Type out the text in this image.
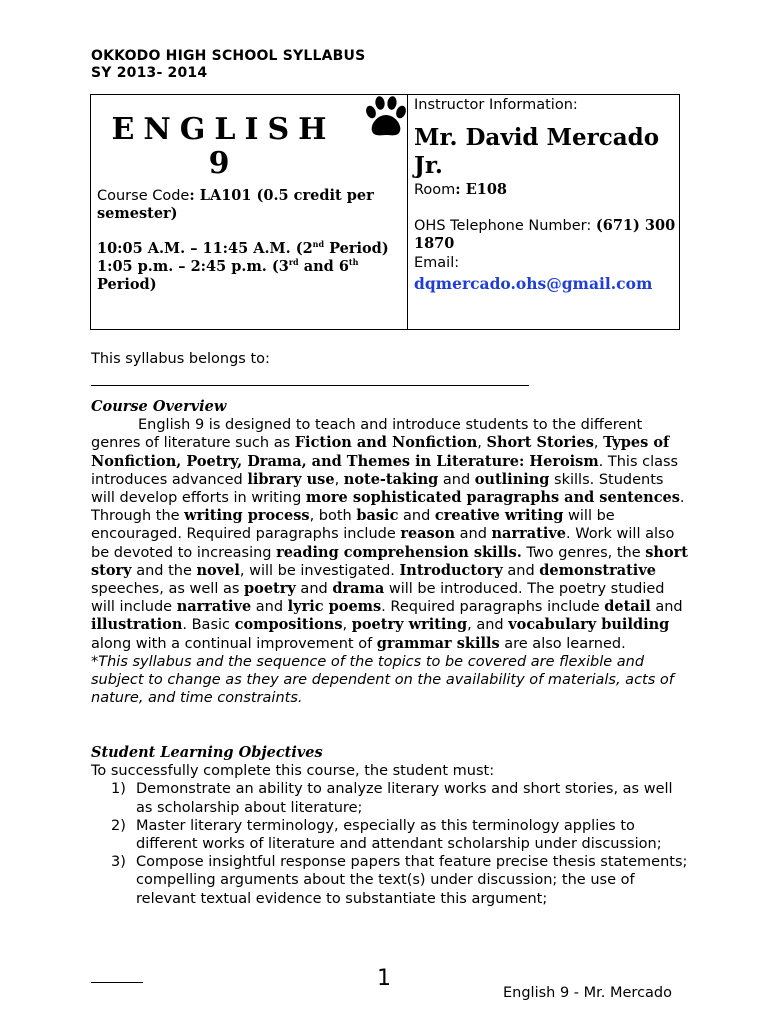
OKKODO HIGH SCHOOL SYLLABUS
SY 2013- 2014
ENGLISH
9
Course Code: LA101 (0.5 credit per semester)
10:05 A.M. – 11:45 A.M. (2nd Period)
1:05 p.m. – 2:45 p.m. (3rd and 6th Period)
Instructor Information:
Mr. David Mercado Jr.
Room: E108
OHS Telephone Number: (671) 300 1870
Email:
dqmercado.ohs@gmail.com
This syllabus belongs to:
Course Overview
English 9 is designed to teach and introduce students to the different genres of literature such as Fiction and Nonfiction, Short Stories, Types of Nonfiction, Poetry, Drama, and Themes in Literature: Heroism. This class introduces advanced library use, note-taking and outlining skills. Students will develop efforts in writing more sophisticated paragraphs and sentences. Through the writing process, both basic and creative writing will be encouraged. Required paragraphs include reason and narrative. Work will also be devoted to increasing reading comprehension skills. Two genres, the short story and the novel, will be investigated. Introductory and demonstrative speeches, as well as poetry and drama will be introduced. The poetry studied will include narrative and lyric poems. Required paragraphs include detail and illustration. Basic compositions, poetry writing, and vocabulary building along with a continual improvement of grammar skills are also learned.
*This syllabus and the sequence of the topics to be covered are flexible and subject to change as they are dependent on the availability of materials, acts of nature, and time constraints.
Student Learning Objectives
To successfully complete this course, the student must:
1) Demonstrate an ability to analyze literary works and short stories, as well as scholarship about literature;
2) Master literary terminology, especially as this terminology applies to different works of literature and attendant scholarship under discussion;
3) Compose insightful response papers that feature precise thesis statements; compelling arguments about the text(s) under discussion; the use of relevant textual evidence to substantiate this argument;
1
English 9 - Mr. Mercado
